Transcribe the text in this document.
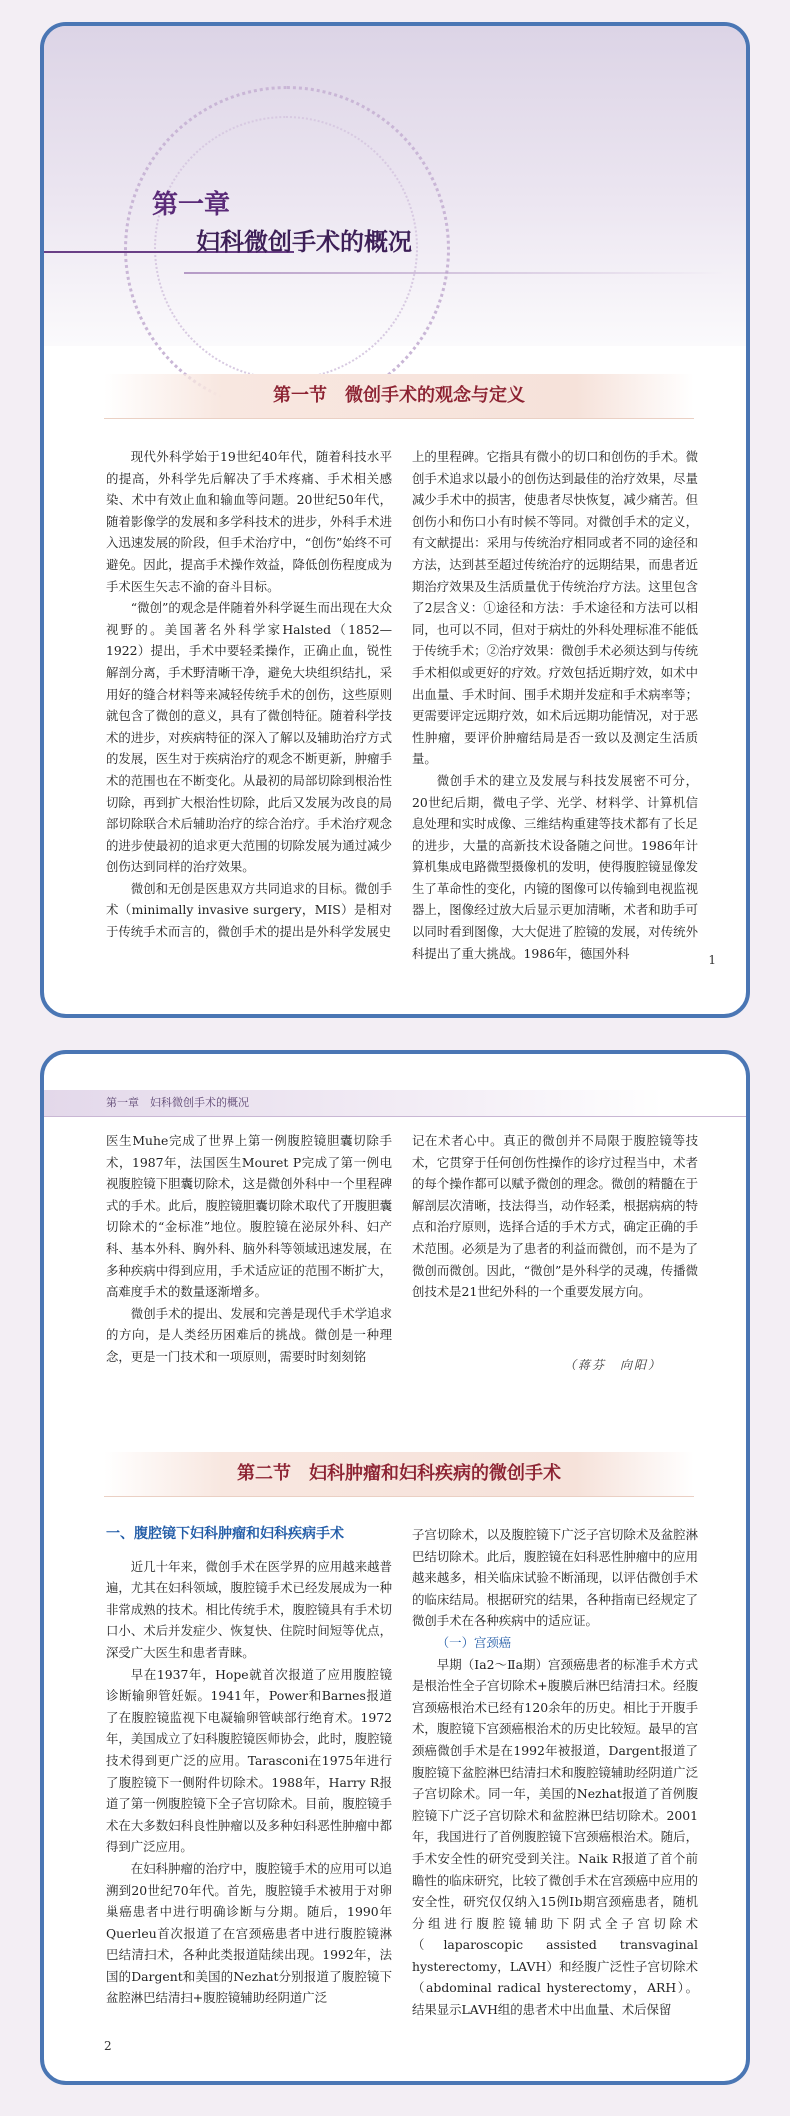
第一章
妇科微创手术的概况
第一节　微创手术的观念与定义

现代外科学始于19世纪40年代，随着科技水平的提高，外科学先后解决了手术疼痛、手术相关感染、术中有效止血和输血等问题。20世纪50年代，随着影像学的发展和多学科技术的进步，外科手术进入迅速发展的阶段，但手术治疗中，“创伤”始终不可避免。因此，提高手术操作效益，降低创伤程度成为手术医生矢志不渝的奋斗目标。

“微创”的观念是伴随着外科学诞生而出现在大众视野的。美国著名外科学家Halsted（1852—1922）提出，手术中要轻柔操作，正确止血，锐性解剖分离，手术野清晰干净，避免大块组织结扎，采用好的缝合材料等来减轻传统手术的创伤，这些原则就包含了微创的意义，具有了微创特征。随着科学技术的进步，对疾病特征的深入了解以及辅助治疗方式的发展，医生对于疾病治疗的观念不断更新，肿瘤手术的范围也在不断变化。从最初的局部切除到根治性切除，再到扩大根治性切除，此后又发展为改良的局部切除联合术后辅助治疗的综合治疗。手术治疗观念的进步使最初的追求更大范围的切除发展为通过减少创伤达到同样的治疗效果。

微创和无创是医患双方共同追求的目标。微创手术（minimally invasive surgery，MIS）是相对于传统手术而言的，微创手术的提出是外科学发展史

上的里程碑。它指具有微小的切口和创伤的手术。微创手术追求以最小的创伤达到最佳的治疗效果，尽量减少手术中的损害，使患者尽快恢复，减少痛苦。但创伤小和伤口小有时候不等同。对微创手术的定义，有文献提出：采用与传统治疗相同或者不同的途径和方法，达到甚至超过传统治疗的远期结果，而患者近期治疗效果及生活质量优于传统治疗方法。这里包含了2层含义：①途径和方法：手术途径和方法可以相同，也可以不同，但对于病灶的外科处理标准不能低于传统手术；②治疗效果：微创手术必须达到与传统手术相似或更好的疗效。疗效包括近期疗效，如术中出血量、手术时间、围手术期并发症和手术病率等；更需要评定远期疗效，如术后远期功能情况，对于恶性肿瘤，要评价肿瘤结局是否一致以及测定生活质量。

微创手术的建立及发展与科技发展密不可分，20世纪后期，微电子学、光学、材料学、计算机信息处理和实时成像、三维结构重建等技术都有了长足的进步，大量的高新技术设备随之问世。1986年计算机集成电路微型摄像机的发明，使得腹腔镜显像发生了革命性的变化，内镜的图像可以传输到电视监视器上，图像经过放大后显示更加清晰，术者和助手可以同时看到图像，大大促进了腔镜的发展，对传统外科提出了重大挑战。1986年，德国外科	1
第一章　妇科微创手术的概况

医生Muhe完成了世界上第一例腹腔镜胆囊切除手术，1987年，法国医生Mouret P完成了第一例电视腹腔镜下胆囊切除术，这是微创外科中一个里程碑式的手术。此后，腹腔镜胆囊切除术取代了开腹胆囊切除术的“金标准”地位。腹腔镜在泌尿外科、妇产科、基本外科、胸外科、脑外科等领域迅速发展，在多种疾病中得到应用，手术适应证的范围不断扩大，高难度手术的数量逐渐增多。

微创手术的提出、发展和完善是现代手术学追求的方向，是人类经历困难后的挑战。微创是一种理念，更是一门技术和一项原则，需要时时刻刻铭

记在术者心中。真正的微创并不局限于腹腔镜等技术，它贯穿于任何创伤性操作的诊疗过程当中，术者的每个操作都可以赋予微创的理念。微创的精髓在于解剖层次清晰，技法得当，动作轻柔，根据病病的特点和治疗原则，选择合适的手术方式，确定正确的手术范围。必须是为了患者的利益而微创，而不是为了微创而微创。因此，“微创”是外科学的灵魂，传播微创技术是21世纪外科的一个重要发展方向。

（蒋芬　向阳）
第二节　妇科肿瘤和妇科疾病的微创手术
一、腹腔镜下妇科肿瘤和妇科疾病手术

近几十年来，微创手术在医学界的应用越来越普遍，尤其在妇科领域，腹腔镜手术已经发展成为一种非常成熟的技术。相比传统手术，腹腔镜具有手术切口小、术后并发症少、恢复快、住院时间短等优点，深受广大医生和患者青睐。

早在1937年，Hope就首次报道了应用腹腔镜诊断输卵管妊娠。1941年，Power和Barnes报道了在腹腔镜监视下电凝输卵管峡部行绝育术。1972年，美国成立了妇科腹腔镜医师协会，此时，腹腔镜技术得到更广泛的应用。Tarasconi在1975年进行了腹腔镜下一侧附件切除术。1988年，Harry R报道了第一例腹腔镜下全子宫切除术。目前，腹腔镜手术在大多数妇科良性肿瘤以及多种妇科恶性肿瘤中都得到广泛应用。

在妇科肿瘤的治疗中，腹腔镜手术的应用可以追溯到20世纪70年代。首先，腹腔镜手术被用于对卵巢癌患者中进行明确诊断与分期。随后，1990年Querleu首次报道了在宫颈癌患者中进行腹腔镜淋巴结清扫术，各种此类报道陆续出现。1992年，法国的Dargent和美国的Nezhat分别报道了腹腔镜下盆腔淋巴结清扫+腹腔镜辅助经阴道广泛

子宫切除术，以及腹腔镜下广泛子宫切除术及盆腔淋巴结切除术。此后，腹腔镜在妇科恶性肿瘤中的应用越来越多，相关临床试验不断涌现，以评估微创手术的临床结局。根据研究的结果，各种指南已经规定了微创手术在各种疾病中的适应证。

（一）宫颈癌

早期（Ⅰa2～Ⅱa期）宫颈癌患者的标准手术方式是根治性全子宫切除术+腹膜后淋巴结清扫术。经腹宫颈癌根治术已经有120余年的历史。相比于开腹手术，腹腔镜下宫颈癌根治术的历史比较短。最早的宫颈癌微创手术是在1992年被报道，Dargent报道了腹腔镜下盆腔淋巴结清扫术和腹腔镜辅助经阴道广泛子宫切除术。同一年，美国的Nezhat报道了首例腹腔镜下广泛子宫切除术和盆腔淋巴结切除术。2001年，我国进行了首例腹腔镜下宫颈癌根治术。随后，手术安全性的研究受到关注。Naik R报道了首个前瞻性的临床研究，比较了微创手术在宫颈癌中应用的安全性，研究仅仅纳入15例Ⅰb期宫颈癌患者，随机分组进行腹腔镜辅助下阴式全子宫切除术（laparoscopic assisted transvaginal hysterectomy，LAVH）和经腹广泛性子宫切除术（abdominal radical hysterectomy，ARH）。结果显示LAVH组的患者术中出血量、术后保留

2
